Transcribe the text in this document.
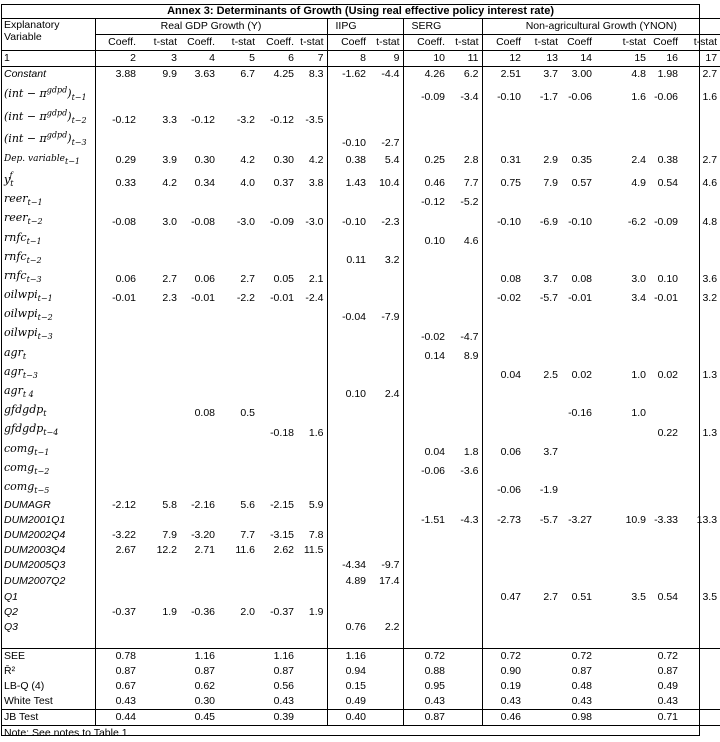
Annex 3: Determinants of Growth (Using real effective policy interest rate)																

Explanatory
Variable	Real GDP Growth (Y)						IIPG		SERG		Non-agricultural Growth (YNON)					
	Coeff.	t-stat	Coeff.	t-stat	Coeff.	t-stat	Coeff	t-stat	Coeff.	t-stat	Coeff	t-stat	Coeff	t-stat	Coeff	t-stat
1	2	3	4	5	6	7	8	9	10	11	12	13	14	15	16	17
Constant	3.88	9.9	3.63	6.7	4.25	8.3	-1.62	-4.4	4.26	6.2	2.51	3.7	3.00	4.8	1.98	2.7
$(int - \pi^{gdpd})_{t-1}$									-0.09	-3.4	-0.10	-1.7	-0.06	1.6	-0.06	1.6
$(int - \pi^{gdpd})_{t-2}$	-0.12	3.3	-0.12	-3.2	-0.12	-3.5										
$(int - \pi^{gdpd})_{t-3}$							-0.10	-2.7								
Dep. variable$_{t-1}$	0.29	3.9	0.30	4.2	0.30	4.2	0.38	5.4	0.25	2.8	0.31	2.9	0.35	2.4	0.38	2.7
$y_t^f$	0.33	4.2	0.34	4.0	0.37	3.8	1.43	10.4	0.46	7.7	0.75	7.9	0.57	4.9	0.54	4.6
reer$_{t-1}$									-0.12	-5.2						
reer$_{t-2}$	-0.08	3.0	-0.08	-3.0	-0.09	-3.0	-0.10	-2.3			-0.10	-6.9	-0.10	-6.2	-0.09	4.8
rnfc$_{t-1}$									0.10	4.6						
rnfc$_{t-2}$							0.11	3.2								
rnfc$_{t-3}$	0.06	2.7	0.06	2.7	0.05	2.1					0.08	3.7	0.08	3.0	0.10	3.6
oilwpi$_{t-1}$	-0.01	2.3	-0.01	-2.2	-0.01	-2.4					-0.02	-5.7	-0.01	3.4	-0.01	3.2
oilwpi$_{t-2}$							-0.04	-7.9								
oilwpi$_{t-3}$									-0.02	-4.7						
agr$_t$									0.14	8.9						
agr$_{t-3}$											0.04	2.5	0.02	1.0	0.02	1.3
agr$_{t 4}$							0.10	2.4								
gfdgdp$_t$			0.08	0.5									-0.16	1.0		
gfdgdp$_{t-4}$					-0.18	1.6									0.22	1.3
comg$_{t-1}$									0.04	1.8	0.06	3.7				
comg$_{t-2}$									-0.06	-3.6						
comg$_{t-5}$											-0.06	-1.9				
DUMAGR	-2.12	5.8	-2.16	5.6	-2.15	5.9										
DUM2001Q1									-1.51	-4.3	-2.73	-5.7	-3.27	10.9	-3.33	13.3
DUM2002Q4	-3.22	7.9	-3.20	7.7	-3.15	7.8										
DUM2003Q4	2.67	12.2	2.71	11.6	2.62	11.5										
DUM2005Q3							-4.34	-9.7								
DUM2007Q2							4.89	17.4								
Q1											0.47	2.7	0.51	3.5	0.54	3.5
Q2	-0.37	1.9	-0.36	2.0	-0.37	1.9										
Q3							0.76	2.2								

SEE	0.78		1.16		1.16		1.16		0.72		0.72		0.72		0.72	
R̄²	0.87		0.87		0.87		0.94		0.88		0.90		0.87		0.87	
LB-Q (4)	0.67		0.62		0.56		0.15		0.95		0.19		0.48		0.49	
White Test	0.43		0.30		0.43		0.49		0.43		0.43		0.43		0.43	
JB Test	0.44		0.45		0.39		0.40		0.87		0.46		0.98		0.71	
Note: See notes to Table 1.																
